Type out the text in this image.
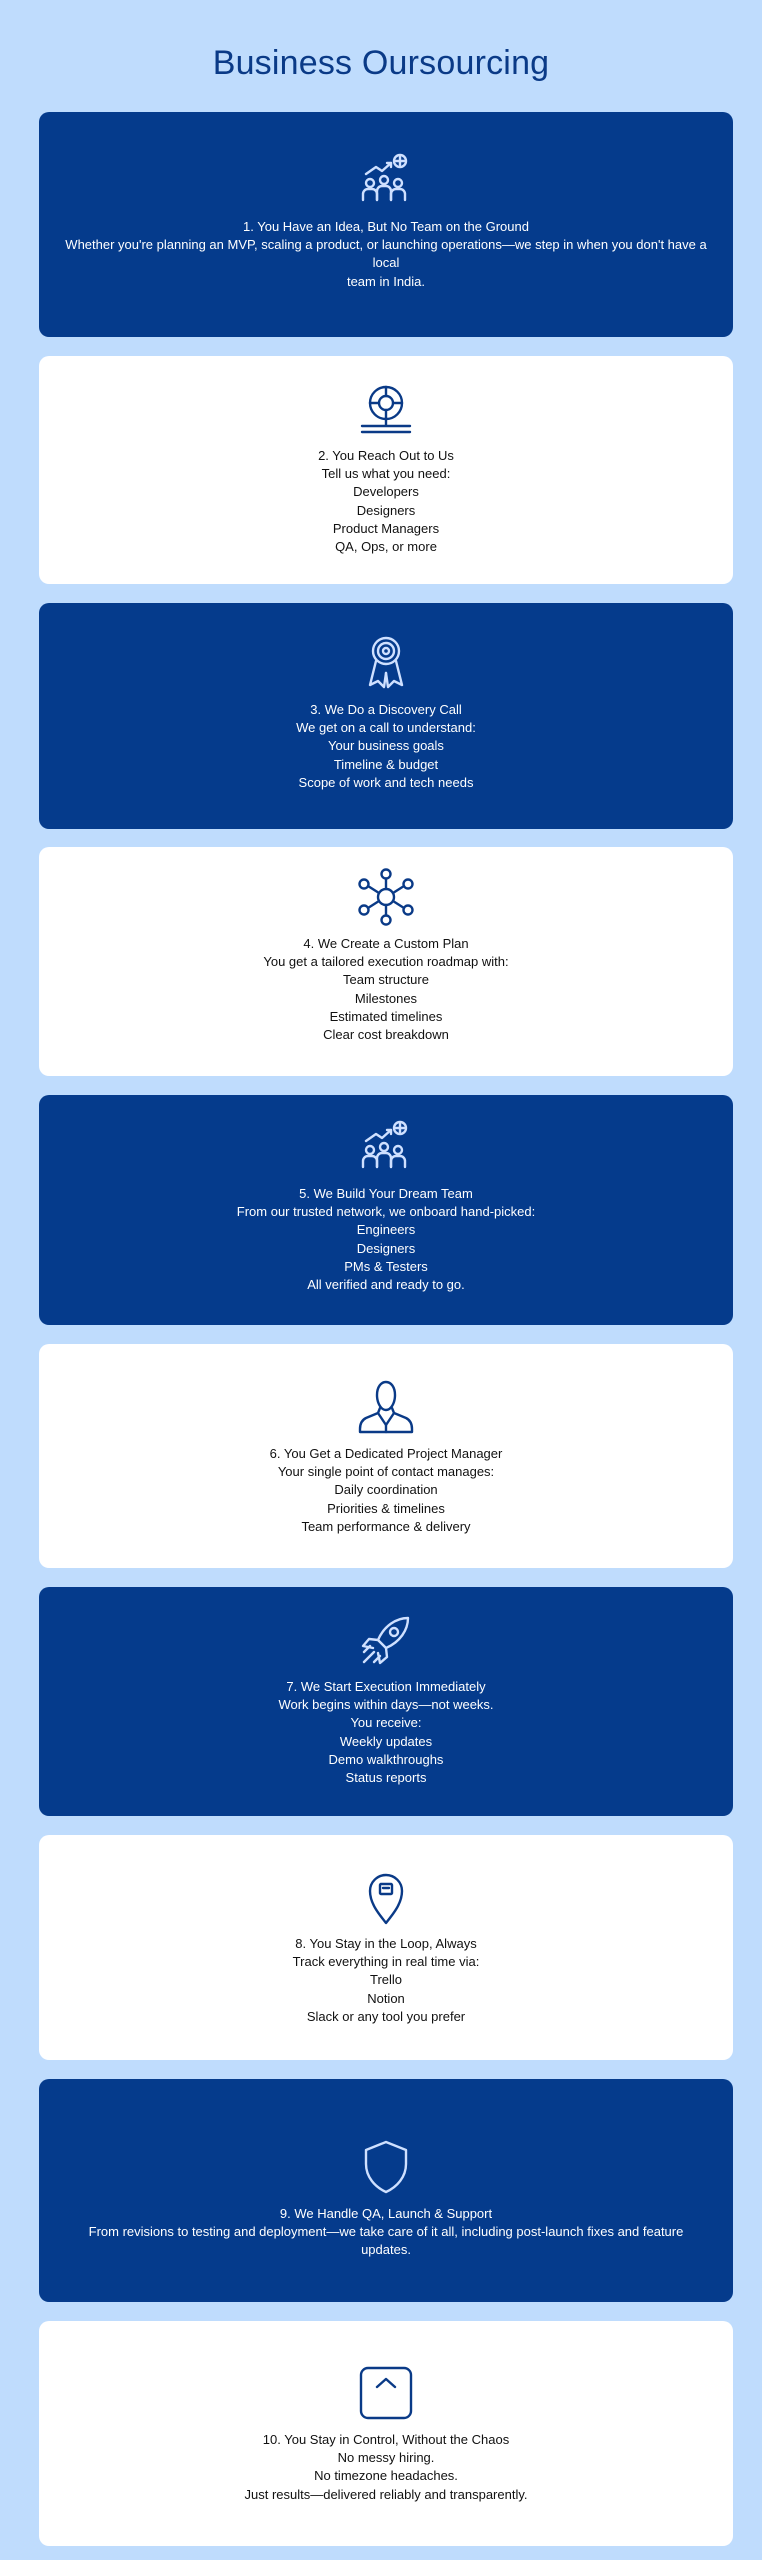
Business Oursourcing
1. You Have an Idea, But No Team on the Ground
Whether you're planning an MVP, scaling a product, or launching operations—we step in when you don't have a local
team in India.
2. You Reach Out to Us
Tell us what you need:
Developers
Designers
Product Managers
QA, Ops, or more
3. We Do a Discovery Call
We get on a call to understand:
Your business goals
Timeline & budget
Scope of work and tech needs
4. We Create a Custom Plan
You get a tailored execution roadmap with:
Team structure
Milestones
Estimated timelines
Clear cost breakdown
5. We Build Your Dream Team
From our trusted network, we onboard hand-picked:
Engineers
Designers
PMs & Testers
All verified and ready to go.
6. You Get a Dedicated Project Manager
Your single point of contact manages:
Daily coordination
Priorities & timelines
Team performance & delivery
7. We Start Execution Immediately
Work begins within days—not weeks.
You receive:
Weekly updates
Demo walkthroughs
Status reports
8. You Stay in the Loop, Always
Track everything in real time via:
Trello
Notion
Slack or any tool you prefer
9. We Handle QA, Launch & Support
From revisions to testing and deployment—we take care of it all, including post-launch fixes and feature updates.
10. You Stay in Control, Without the Chaos
No messy hiring.
No timezone headaches.
Just results—delivered reliably and transparently.
